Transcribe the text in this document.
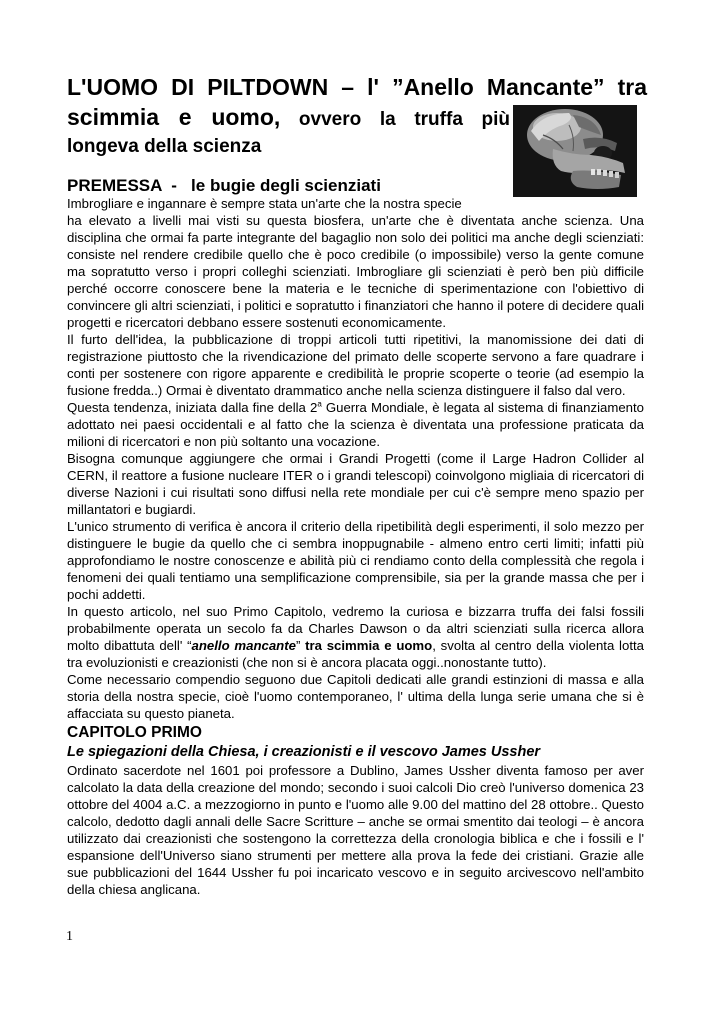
L'UOMO DI PILTDOWN – l' ”Anello Mancante” tra
scimmia e uomo, ovvero la truffa più
longeva della scienza
PREMESSA  -   le bugie degli scienziati

Imbrogliare e ingannare è sempre stata un'arte che la nostra specie

ha elevato a livelli mai visti su questa biosfera, un'arte che è diventata anche scienza. Una disciplina che ormai fa parte integrante del bagaglio non solo dei politici ma anche degli scienziati: consiste nel rendere credibile quello che è poco credibile (o impossibile) verso la gente comune ma sopratutto verso i propri colleghi scienziati. Imbrogliare gli scienziati è però ben più difficile perché occorre conoscere bene la materia e le tecniche di sperimentazione con l'obiettivo di convincere gli altri scienziati, i politici e sopratutto i finanziatori che hanno il potere di decidere quali progetti e ricercatori debbano essere sostenuti economicamente.

Il furto dell'idea, la pubblicazione di troppi articoli tutti ripetitivi, la manomissione dei dati di registrazione piuttosto che la rivendicazione del primato delle scoperte servono a fare quadrare i conti per sostenere con rigore apparente e credibilità le proprie scoperte o teorie (ad esempio la fusione fredda..) Ormai è diventato drammatico anche nella scienza distinguere il falso dal vero.

Questa tendenza, iniziata dalla fine della 2$^a$ Guerra Mondiale, è legata al sistema di finanziamento adottato nei paesi occidentali e al fatto che la scienza è diventata una professione praticata da milioni di ricercatori e non più soltanto una vocazione.

Bisogna comunque aggiungere che ormai i Grandi Progetti (come il Large Hadron Collider al CERN, il reattore a fusione nucleare ITER o i grandi telescopi) coinvolgono migliaia di ricercatori di diverse Nazioni i cui risultati sono diffusi nella rete mondiale per cui c'è sempre meno spazio per millantatori e bugiardi.

L'unico strumento di verifica è ancora il criterio della ripetibilità degli esperimenti, il solo mezzo per distinguere le bugie da quello che ci sembra inoppugnabile - almeno entro certi limiti; infatti più approfondiamo le nostre conoscenze e abilità più ci rendiamo conto della complessità che regola i fenomeni dei quali tentiamo una semplificazione comprensibile, sia per la grande massa che per i pochi addetti.

In questo articolo, nel suo Primo Capitolo, vedremo la curiosa e bizzarra truffa dei falsi fossili probabilmente operata un secolo fa da Charles Dawson o da altri scienziati sulla ricerca allora molto dibattuta dell' “anello mancante” tra scimmia e uomo, svolta al centro della violenta lotta tra evoluzionisti e creazionisti (che non si è ancora placata oggi..nonostante tutto).

Come necessario compendio seguono due Capitoli dedicati alle grandi estinzioni di massa e alla storia della nostra specie, cioè l'uomo contemporaneo, l' ultima della lunga serie umana che si è affacciata su questo pianeta.

CAPITOLO PRIMO
Le spiegazioni della Chiesa, i creazionisti e il vescovo James Ussher

Ordinato sacerdote nel 1601 poi professore a Dublino, James Ussher diventa famoso per aver calcolato la data della creazione del mondo; secondo i suoi calcoli Dio creò l'universo domenica 23 ottobre del 4004 a.C. a mezzogiorno in punto e l'uomo alle 9.00 del mattino del 28 ottobre.. Questo calcolo, dedotto dagli annali delle Sacre Scritture – anche se ormai smentito dai teologi – è ancora utilizzato dai creazionisti che sostengono la correttezza della cronologia biblica e che i fossili e l' espansione dell'Universo siano strumenti per mettere alla prova la fede dei cristiani. Grazie alle sue pubblicazioni del 1644 Ussher fu poi incaricato vescovo e in seguito arcivescovo nell'ambito della chiesa anglicana.

1
